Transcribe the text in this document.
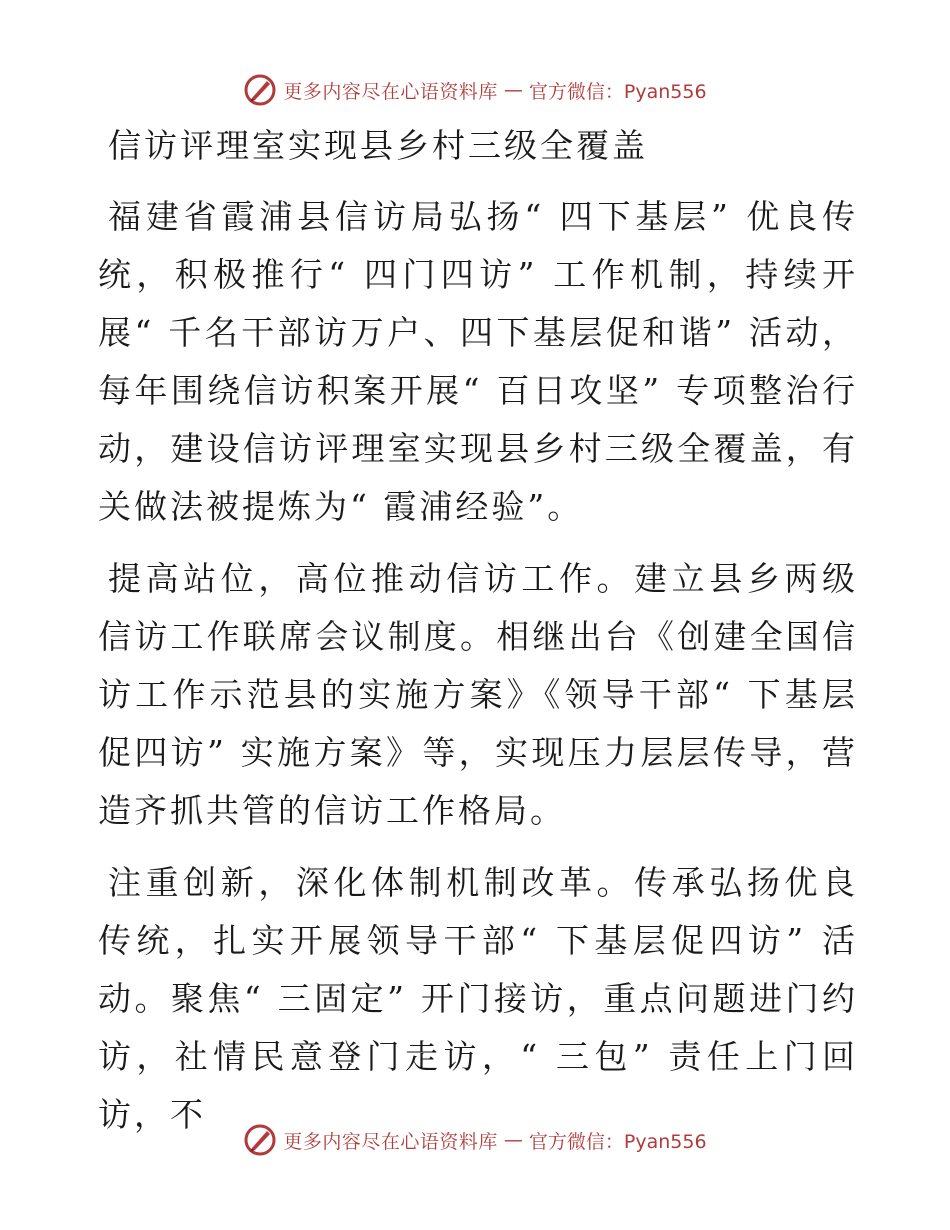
更多内容尽在心语资料库 — 官方微信：Pyan556
信访评理室实现县乡村三级全覆盖

福建省霞浦县信访局弘扬“ 四下基层” 优良传统，积极推行“ 四门四访” 工作机制，持续开展“ 千名干部访万户、四下基层促和谐” 活动，每年围绕信访积案开展“ 百日攻坚” 专项整治行动，建设信访评理室实现县乡村三级全覆盖，有关做法被提炼为“ 霞浦经验”。

提高站位，高位推动信访工作。建立县乡两级信访工作联席会议制度。相继出台《创建全国信访工作示范县的实施方案》《领导干部“ 下基层促四访” 实施方案》等，实现压力层层传导，营造齐抓共管的信访工作格局。

注重创新，深化体制机制改革。传承弘扬优良传统，扎实开展领导干部“ 下基层促四访” 活动。聚焦“ 三固定” 开门接访，重点问题进门约访，社情民意登门走访，“ 三包” 责任上门回访，不

更多内容尽在心语资料库 — 官方微信：Pyan556
